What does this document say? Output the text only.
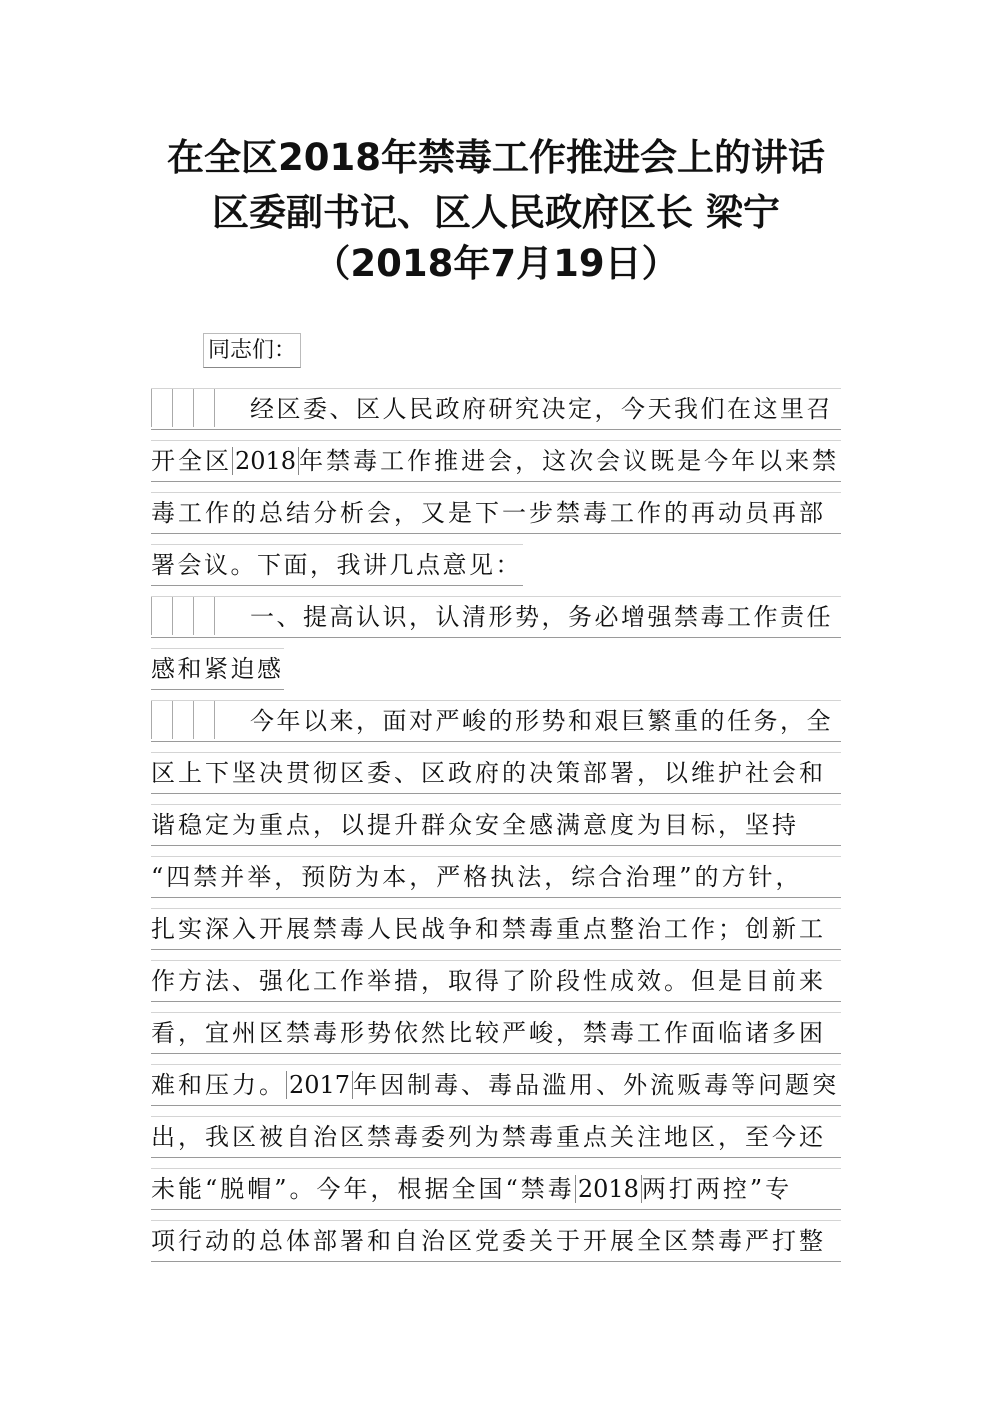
在全区2018年禁毒工作推进会上的讲话
区委副书记、区人民政府区长 梁宁
（2018年7月19日）
同志们：
经区委、区人民政府研究决定，今天我们在这里召
开全区 2018 年禁毒工作推进会，这次会议既是今年以来禁
毒工作的总结分析会，又是下一步禁毒工作的再动员再部
署会议。下面，我讲几点意见：
一、提高认识，认清形势，务必增强禁毒工作责任
感和紧迫感
今年以来，面对严峻的形势和艰巨繁重的任务，全
区上下坚决贯彻区委、区政府的决策部署，以维护社会和
谐稳定为重点，以提升群众安全感满意度为目标，坚持
“四禁并举，预防为本，严格执法，综合治理”的方针，
扎实深入开展禁毒人民战争和禁毒重点整治工作；创新工
作方法、强化工作举措，取得了阶段性成效。但是目前来
看，宜州区禁毒形势依然比较严峻，禁毒工作面临诸多困
难和压力。 2017 年因制毒、毒品滥用、外流贩毒等问题突
出，我区被自治区禁毒委列为禁毒重点关注地区，至今还
未能“脱帽”。今年，根据全国“禁毒 2018 两打两控”专
项行动的总体部署和自治区党委关于开展全区禁毒严打整
